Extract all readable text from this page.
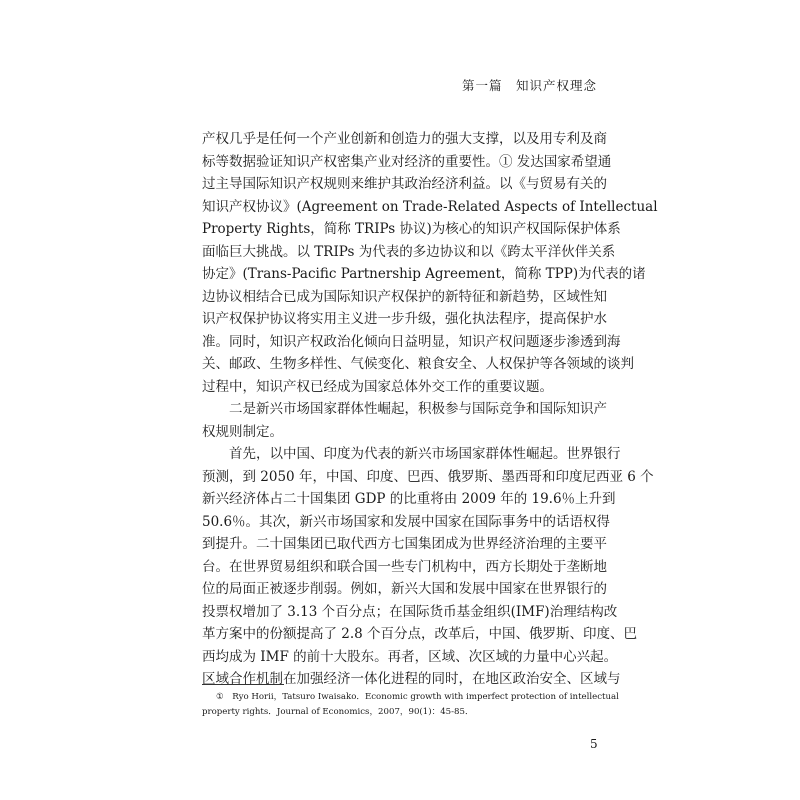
第一篇　知识产权理念
产权几乎是任何一个产业创新和创造力的强大支撑，以及用专利及商
标等数据验证知识产权密集产业对经济的重要性。① 发达国家希望通
过主导国际知识产权规则来维护其政治经济利益。以《与贸易有关的
知识产权协议》(Agreement on Trade-Related Aspects of Intellectual
Property Rights，简称 TRIPs 协议)为核心的知识产权国际保护体系
面临巨大挑战。以 TRIPs 为代表的多边协议和以《跨太平洋伙伴关系
协定》(Trans-Pacific Partnership Agreement，简称 TPP)为代表的诸
边协议相结合已成为国际知识产权保护的新特征和新趋势，区域性知
识产权保护协议将实用主义进一步升级，强化执法程序，提高保护水
准。同时，知识产权政治化倾向日益明显，知识产权问题逐步渗透到海
关、邮政、生物多样性、气候变化、粮食安全、人权保护等各领域的谈判
过程中，知识产权已经成为国家总体外交工作的重要议题。
二是新兴市场国家群体性崛起，积极参与国际竞争和国际知识产
权规则制定。
首先，以中国、印度为代表的新兴市场国家群体性崛起。世界银行
预测，到 2050 年，中国、印度、巴西、俄罗斯、墨西哥和印度尼西亚 6 个
新兴经济体占二十国集团 GDP 的比重将由 2009 年的 19.6％上升到
50.6％。其次，新兴市场国家和发展中国家在国际事务中的话语权得
到提升。二十国集团已取代西方七国集团成为世界经济治理的主要平
台。在世界贸易组织和联合国一些专门机构中，西方长期处于垄断地
位的局面正被逐步削弱。例如，新兴大国和发展中国家在世界银行的
投票权增加了 3.13 个百分点；在国际货币基金组织(IMF)治理结构改
革方案中的份额提高了 2.8 个百分点，改革后，中国、俄罗斯、印度、巴
西均成为 IMF 的前十大股东。再者，区域、次区域的力量中心兴起。
区域合作机制在加强经济一体化进程的同时，在地区政治安全、区域与
①　Ryo Horii，Tatsuro Iwaisako．Economic growth with imperfect protection of intellectual
property rights．Journal of Economics，2007，90(1)：45-85．
5
